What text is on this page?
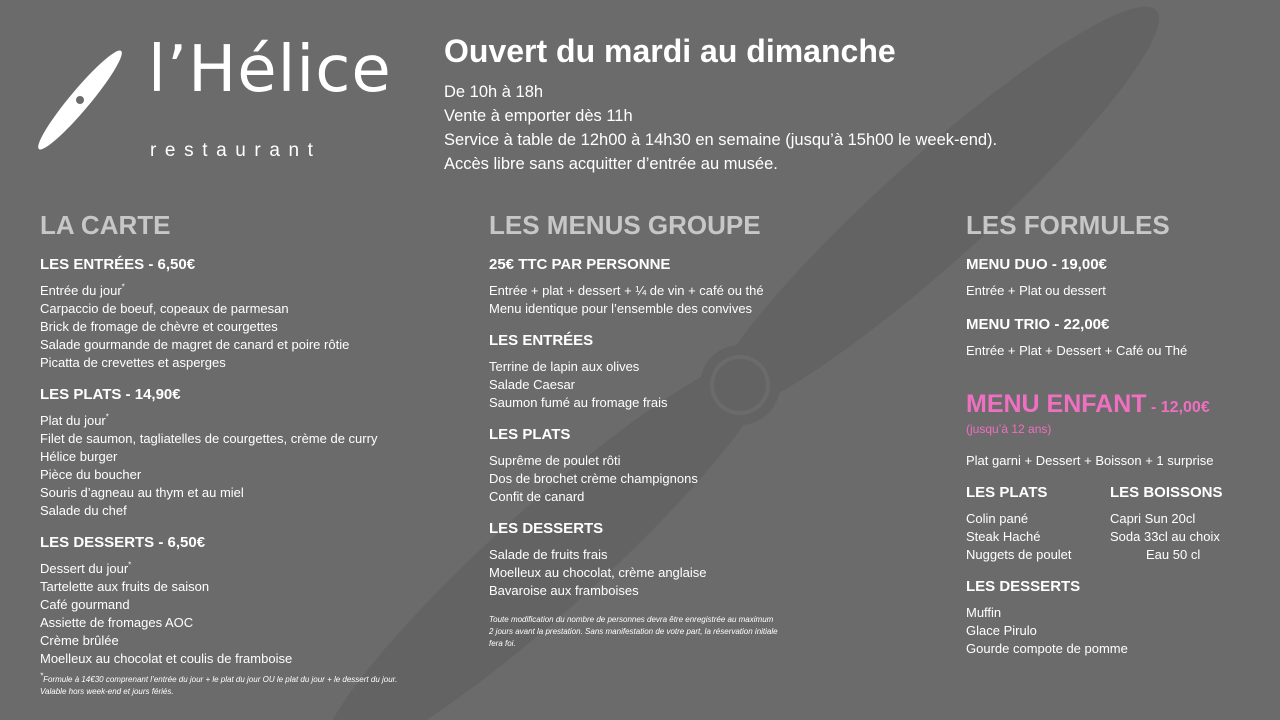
l’Hélice
restaurant
Ouvert du mardi au dimanche
De 10h à 18h
Vente à emporter dès 11h
Service à table de 12h00 à 14h30 en semaine (jusqu’à 15h00 le week-end).
Accès libre sans acquitter d’entrée au musée.
LA CARTE
LES ENTRÉES - 6,50€
Entrée du jour*
Carpaccio de boeuf, copeaux de parmesan
Brick de fromage de chèvre et courgettes
Salade gourmande de magret de canard et poire rôtie
Picatta de crevettes et asperges
LES PLATS - 14,90€
Plat du jour*
Filet de saumon, tagliatelles de courgettes, crème de curry
Hélice burger
Pièce du boucher
Souris d’agneau au thym et au miel
Salade du chef
LES DESSERTS - 6,50€
Dessert du jour*
Tartelette aux fruits de saison
Café gourmand
Assiette de fromages AOC
Crème brûlée
Moelleux au chocolat et coulis de framboise
*Formule à 14€30 comprenant l’entrée du jour + le plat du jour OU le plat du jour + le dessert du jour.
Valable hors week-end et jours fériés.
LES MENUS GROUPE
25€ TTC PAR PERSONNE
Entrée + plat + dessert + ¼ de vin + café ou thé
Menu identique pour l’ensemble des convives
LES ENTRÉES
Terrine de lapin aux olives
Salade Caesar
Saumon fumé au fromage frais
LES PLATS
Suprême de poulet rôti
Dos de brochet crème champignons
Confit de canard
LES DESSERTS
Salade de fruits frais
Moelleux au chocolat, crème anglaise
Bavaroise aux framboises
Toute modification du nombre de personnes devra être enregistrée au maximum
2 jours avant la prestation. Sans manifestation de votre part, la réservation initiale
fera foi.
LES FORMULES
MENU DUO - 19,00€
Entrée + Plat ou dessert
MENU TRIO - 22,00€
Entrée + Plat + Dessert + Café ou Thé
MENU ENFANT - 12,00€
(jusqu’à 12 ans)
Plat garni + Dessert + Boisson + 1 surprise
LES PLATS
Colin pané
Steak Haché
Nuggets de poulet
LES BOISSONS
Capri Sun 20cl
Soda 33cl au choix
Eau 50 cl
LES DESSERTS
Muffin
Glace Pirulo
Gourde compote de pomme
